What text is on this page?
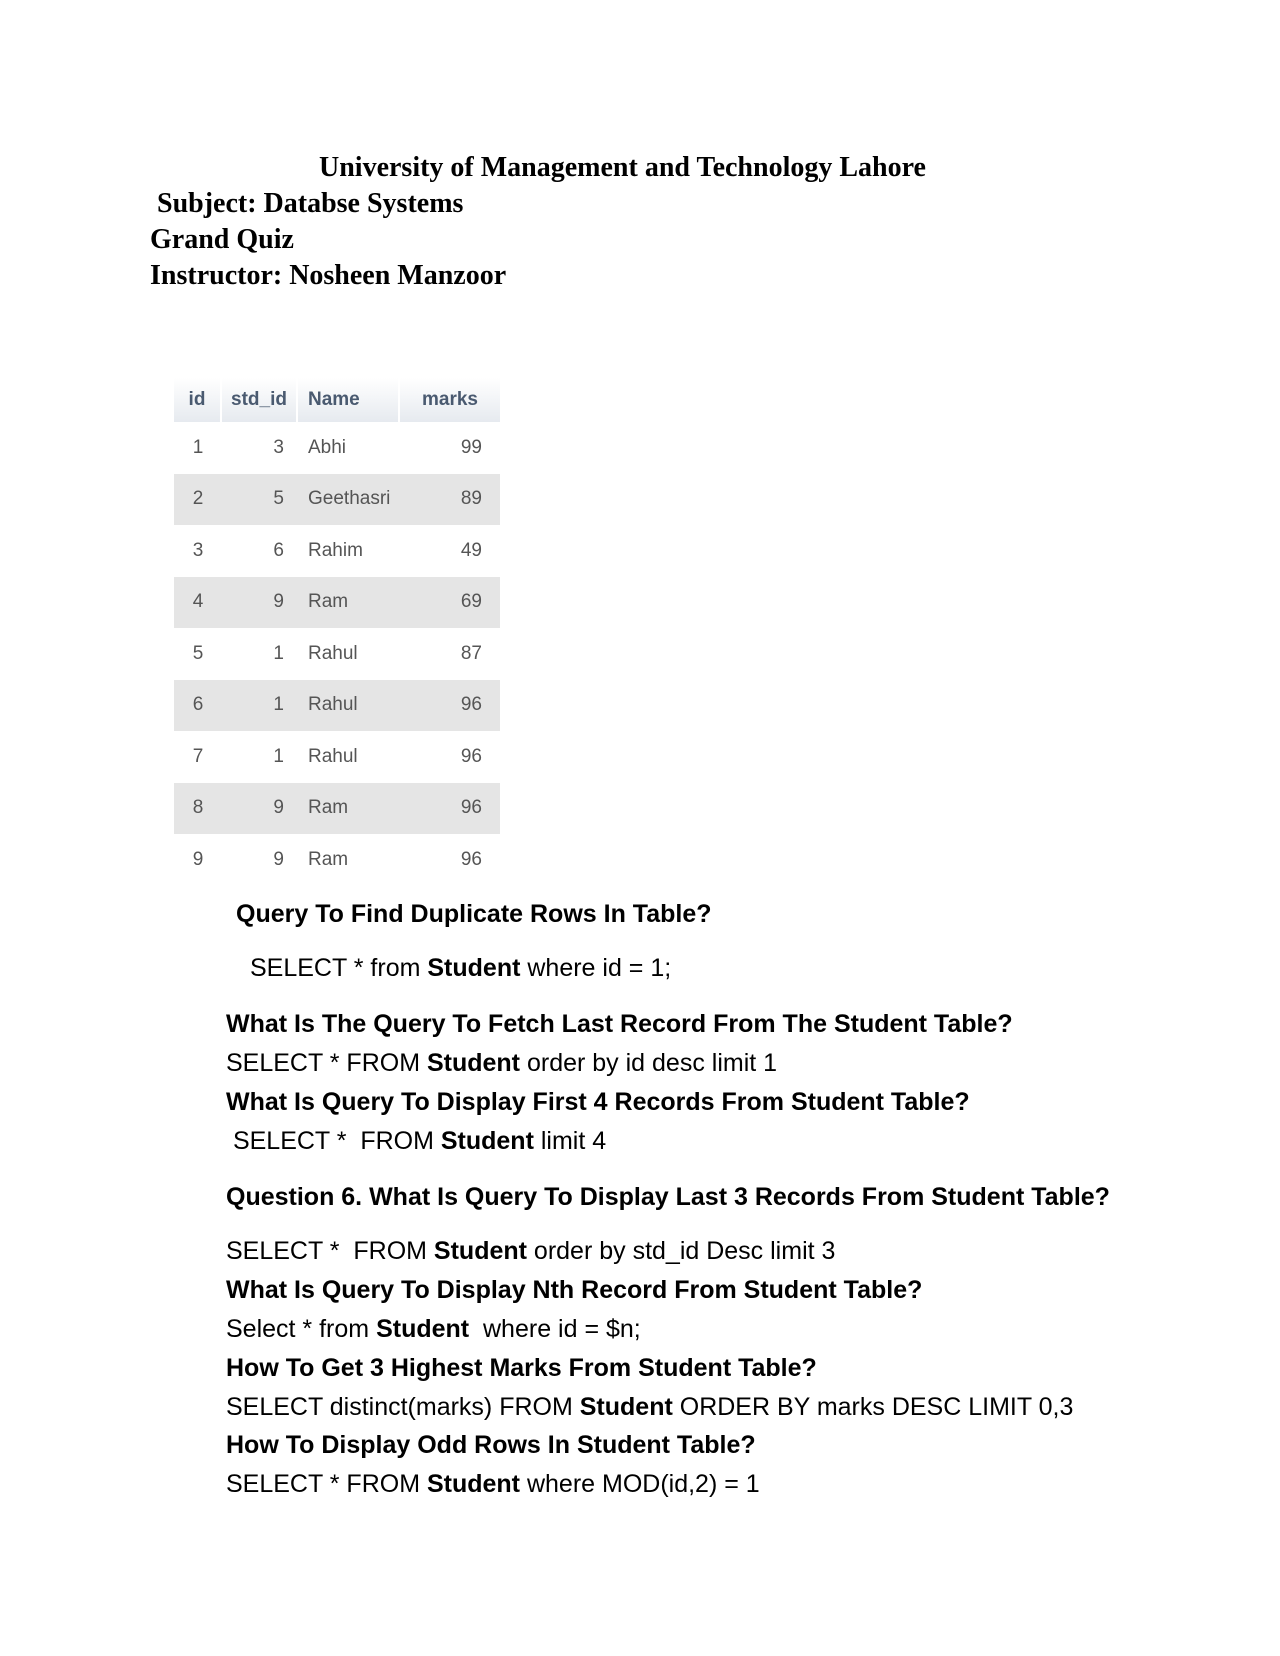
University of Management and Technology Lahore
Subject: Databse Systems
Grand Quiz
Instructor: Nosheen Manzoor
id	std_id	Name	marks
1	3	Abhi	99
2	5	Geethasri	89
3	6	Rahim	49
4	9	Ram	69
5	1	Rahul	87
6	1	Rahul	96
7	1	Rahul	96
8	9	Ram	96
9	9	Ram	96
Query To Find Duplicate Rows In Table?
SELECT * from Student where id = 1;
What Is The Query To Fetch Last Record From The Student Table?
SELECT * FROM Student order by id desc limit 1
What Is Query To Display First 4 Records From Student Table?
SELECT *  FROM Student limit 4
Question 6. What Is Query To Display Last 3 Records From Student Table?
SELECT *  FROM Student order by std_id Desc limit 3
What Is Query To Display Nth Record From Student Table?
Select * from Student  where id = $n;
How To Get 3 Highest Marks From Student Table?
SELECT distinct(marks) FROM Student ORDER BY marks DESC LIMIT 0,3
How To Display Odd Rows In Student Table?
SELECT * FROM Student where MOD(id,2) = 1
